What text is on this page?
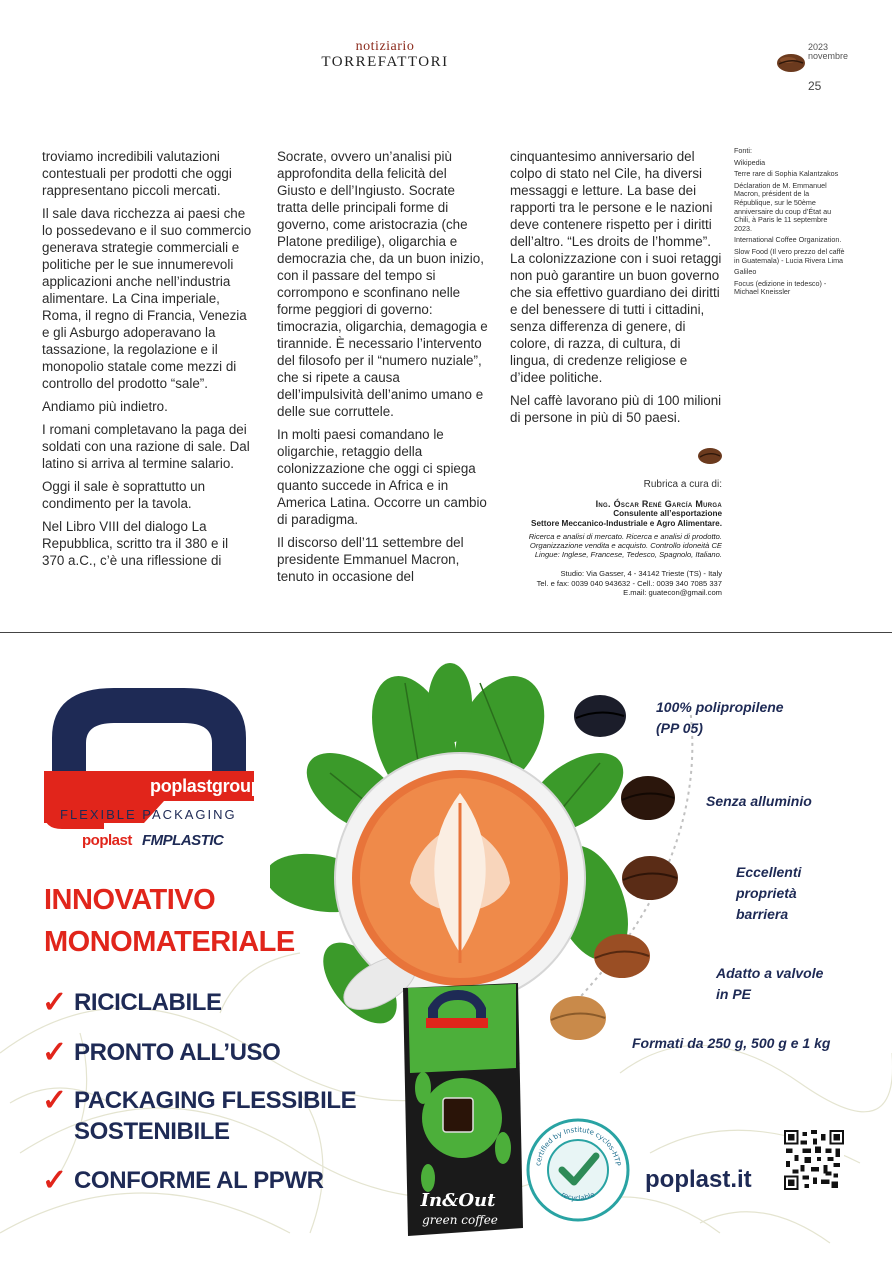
notiziario
TORREFATTORI
2023
novembre
25

troviamo incredibili valutazioni contestuali per prodotti che oggi rappresentano piccoli mercati.

Il sale dava ricchezza ai paesi che lo possedevano e il suo commercio generava strategie commerciali e politiche per le sue innumerevoli applicazioni anche nell’industria alimentare. La Cina imperiale, Roma, il regno di Francia, Venezia e gli Asburgo adoperavano la tassazione, la regolazione e il monopolio statale come mezzi di controllo del prodotto “sale”.

Andiamo più indietro.

I romani completavano la paga dei soldati con una razione di sale. Dal latino si arriva al termine salario.

Oggi il sale è soprattutto un condimento per la tavola.

Nel Libro VIII del dialogo La Repubblica, scritto tra il 380 e il 370 a.C., c’è una riflessione di

Socrate, ovvero un’analisi più approfondita della felicità del Giusto e dell’Ingiusto. Socrate tratta delle principali forme di governo, come aristocrazia (che Platone predilige), oligarchia e democrazia che, da un buon inizio, con il passare del tempo si corrompono e sconfinano nelle forme peggiori di governo: timocrazia, oligarchia, demagogia e tirannide. È necessario l’intervento del filosofo per il “numero nuziale”, che si ripete a causa dell’impulsività dell’animo umano e delle sue corruttele.

In molti paesi comandano le oligarchie, retaggio della colonizzazione che oggi ci spiega quanto succede in Africa e in America Latina. Occorre un cambio di paradigma.

Il discorso dell’11 settembre del presidente Emmanuel Macron, tenuto in occasione del

cinquantesimo anniversario del colpo di stato nel Cile, ha diversi messaggi e letture. La base dei rapporti tra le persone e le nazioni deve contenere rispetto per i diritti dell’altro. “Les droits de l’homme”. La colonizzazione con i suoi retaggi non può garantire un buon governo che sia effettivo guardiano dei diritti e del benessere di tutti i cittadini, senza differenza di genere, di colore, di razza, di cultura, di lingua, di credenze religiose e d’idee politiche.

Nel caffè lavorano più di 100 milioni di persone in più di 50 paesi.

Fonti:
Wikipedia
Terre rare di Sophia Kalantzakos
Déclaration de M. Emmanuel Macron, président de la République, sur le 50ème anniversaire du coup d’État au Chili, à Paris le 11 septembre 2023.
International Coffee Organization.
Slow Food (Il vero prezzo del caffè in Guatemala) - Lucia Rivera Lima
Galileo
Focus (edizione in tedesco) - Michael Kneissler
Rubrica a cura di:
Ing. Óscar René García Murga
Consulente all’esportazione
Settore Meccanico-Industriale e Agro Alimentare.
Ricerca e analisi di mercato. Ricerca e analisi di prodotto.
Organizzazione vendita e acquisto. Controllo idoneità CE
Lingue: Inglese, Francese, Tedesco, Spagnolo, Italiano.
Studio: Via Gasser, 4 - 34142 Trieste (TS) - Italy
Tel. e fax: 0039 040 943632 - Cell.: 0039 340 7085 337
E.mail: guatecon@gmail.com
poplastgroup
FLEXIBLE PACKAGING
poplast FMPLASTIC
INNOVATIVO
MONOMATERIALE
✓ RICICLABILE
✓ PRONTO ALL’USO
✓ PACKAGING FLESSIBILE
SOSTENIBILE
✓ CONFORME AL PPWR
In&Out
green coffee
100% polipropilene
(PP 05)
Senza alluminio
Eccellenti
proprietà
barriera
Adatto a valvole
in PE
Formati da 250 g, 500 g e 1 kg
certified by Institute cyclos-HTP
recyclable
poplast.it
